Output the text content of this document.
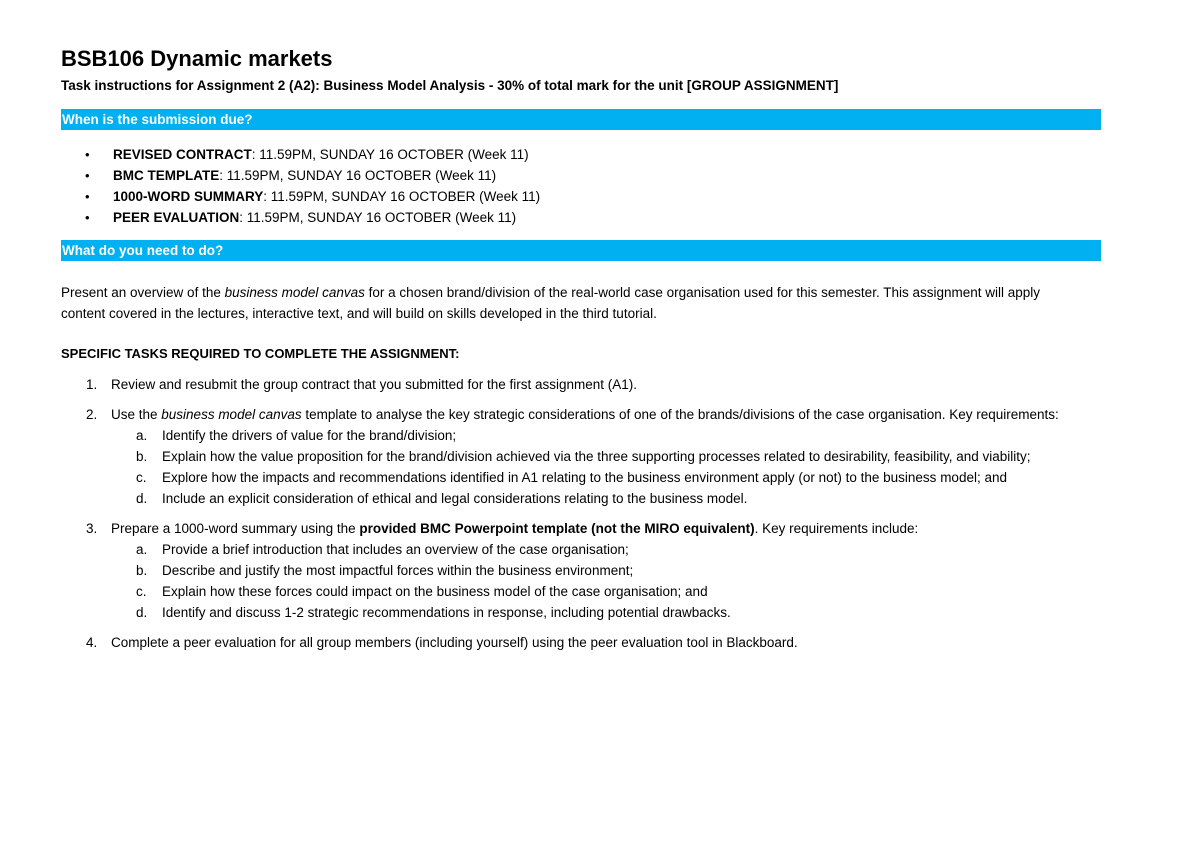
BSB106 Dynamic markets

Task instructions for Assignment 2 (A2): Business Model Analysis - 30% of total mark for the unit [GROUP ASSIGNMENT]

When is the submission due?
• REVISED CONTRACT: 11.59PM, SUNDAY 16 OCTOBER (Week 11)
• BMC TEMPLATE: 11.59PM, SUNDAY 16 OCTOBER (Week 11)
• 1000-WORD SUMMARY: 11.59PM, SUNDAY 16 OCTOBER (Week 11)
• PEER EVALUATION: 11.59PM, SUNDAY 16 OCTOBER (Week 11)
What do you need to do?

Present an overview of the business model canvas for a chosen brand/division of the real-world case organisation used for this semester. This assignment will apply content covered in the lectures, interactive text, and will build on skills developed in the third tutorial.

SPECIFIC TASKS REQUIRED TO COMPLETE THE ASSIGNMENT:

1. Review and resubmit the group contract that you submitted for the first assignment (A1).
2. Use the business model canvas template to analyse the key strategic considerations of one of the brands/divisions of the case organisation. Key requirements:
a. Identify the drivers of value for the brand/division;
b. Explain how the value proposition for the brand/division achieved via the three supporting processes related to desirability, feasibility, and viability;
c. Explore how the impacts and recommendations identified in A1 relating to the business environment apply (or not) to the business model; and
d. Include an explicit consideration of ethical and legal considerations relating to the business model.
3. Prepare a 1000-word summary using the provided BMC Powerpoint template (not the MIRO equivalent). Key requirements include:
a. Provide a brief introduction that includes an overview of the case organisation;
b. Describe and justify the most impactful forces within the business environment;
c. Explain how these forces could impact on the business model of the case organisation; and
d. Identify and discuss 1-2 strategic recommendations in response, including potential drawbacks.
4. Complete a peer evaluation for all group members (including yourself) using the peer evaluation tool in Blackboard.
